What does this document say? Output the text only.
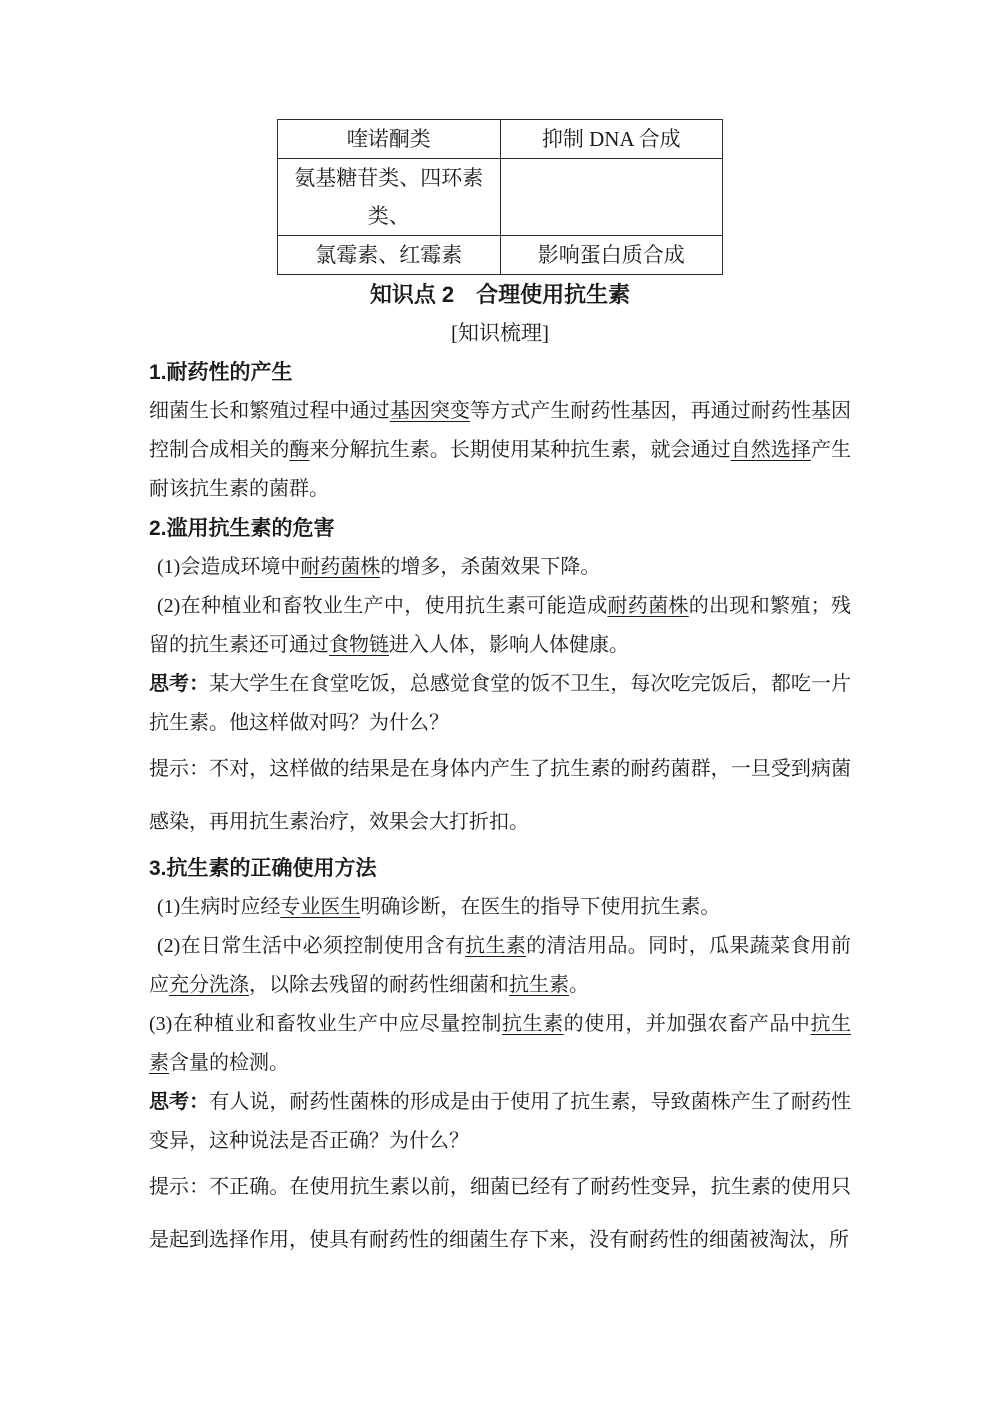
喹诺酮类	抑制 DNA 合成
氨基糖苷类、四环素类、	
氯霉素、红霉素	影响蛋白质合成
知识点 2　合理使用抗生素
[知识梳理]
1.耐药性的产生
细菌生长和繁殖过程中通过基因突变等方式产生耐药性基因，再通过耐药性基因控制合成相关的酶来分解抗生素。长期使用某种抗生素，就会通过自然选择产生耐该抗生素的菌群。
2.滥用抗生素的危害
(1)会造成环境中耐药菌株的增多，杀菌效果下降。
(2)在种植业和畜牧业生产中，使用抗生素可能造成耐药菌株的出现和繁殖；残留的抗生素还可通过食物链进入人体，影响人体健康。
思考：某大学生在食堂吃饭，总感觉食堂的饭不卫生，每次吃完饭后，都吃一片抗生素。他这样做对吗？为什么？
提示：不对，这样做的结果是在身体内产生了抗生素的耐药菌群，一旦受到病菌感染，再用抗生素治疗，效果会大打折扣。
3.抗生素的正确使用方法
(1)生病时应经专业医生明确诊断，在医生的指导下使用抗生素。
(2)在日常生活中必须控制使用含有抗生素的清洁用品。同时，瓜果蔬菜食用前应充分洗涤，以除去残留的耐药性细菌和抗生素。
(3)在种植业和畜牧业生产中应尽量控制抗生素的使用，并加强农畜产品中抗生素含量的检测。
思考：有人说，耐药性菌株的形成是由于使用了抗生素，导致菌株产生了耐药性变异，这种说法是否正确？为什么？
提示：不正确。在使用抗生素以前，细菌已经有了耐药性变异，抗生素的使用只是起到选择作用，使具有耐药性的细菌生存下来，没有耐药性的细菌被淘汰，所
